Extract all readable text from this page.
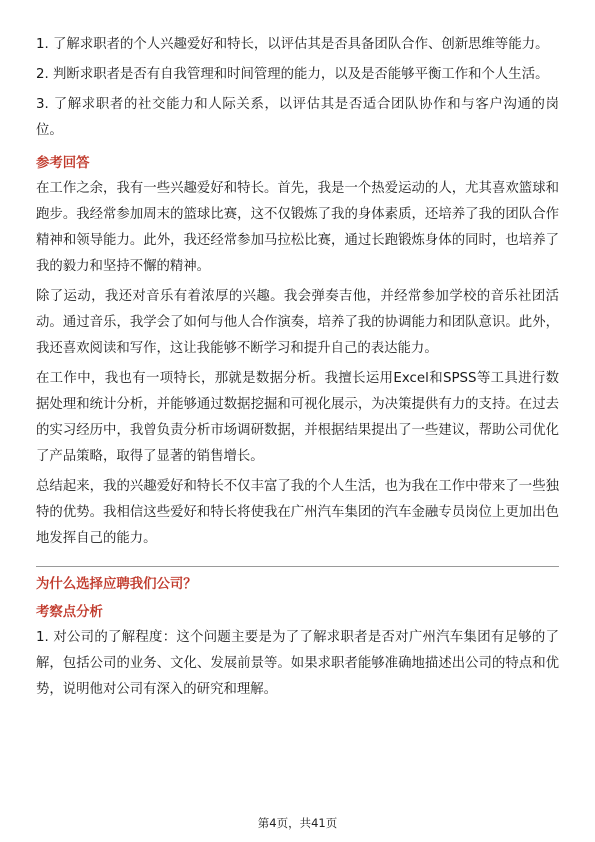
1. 了解求职者的个人兴趣爱好和特长，以评估其是否具备团队合作、创新思维等能力。

2. 判断求职者是否有自我管理和时间管理的能力，以及是否能够平衡工作和个人生活。

3. 了解求职者的社交能力和人际关系，以评估其是否适合团队协作和与客户沟通的岗位。

参考回答

在工作之余，我有一些兴趣爱好和特长。首先，我是一个热爱运动的人，尤其喜欢篮球和跑步。我经常参加周末的篮球比赛，这不仅锻炼了我的身体素质，还培养了我的团队合作精神和领导能力。此外，我还经常参加马拉松比赛，通过长跑锻炼身体的同时，也培养了我的毅力和坚持不懈的精神。

除了运动，我还对音乐有着浓厚的兴趣。我会弹奏吉他，并经常参加学校的音乐社团活动。通过音乐，我学会了如何与他人合作演奏，培养了我的协调能力和团队意识。此外，我还喜欢阅读和写作，这让我能够不断学习和提升自己的表达能力。

在工作中，我也有一项特长，那就是数据分析。我擅长运用Excel和SPSS等工具进行数据处理和统计分析，并能够通过数据挖掘和可视化展示，为决策提供有力的支持。在过去的实习经历中，我曾负责分析市场调研数据，并根据结果提出了一些建议，帮助公司优化了产品策略，取得了显著的销售增长。

总结起来，我的兴趣爱好和特长不仅丰富了我的个人生活，也为我在工作中带来了一些独特的优势。我相信这些爱好和特长将使我在广州汽车集团的汽车金融专员岗位上更加出色地发挥自己的能力。

为什么选择应聘我们公司？
考察点分析

1. 对公司的了解程度：这个问题主要是为了了解求职者是否对广州汽车集团有足够的了解，包括公司的业务、文化、发展前景等。如果求职者能够准确地描述出公司的特点和优势，说明他对公司有深入的研究和理解。

第4页，共41页
